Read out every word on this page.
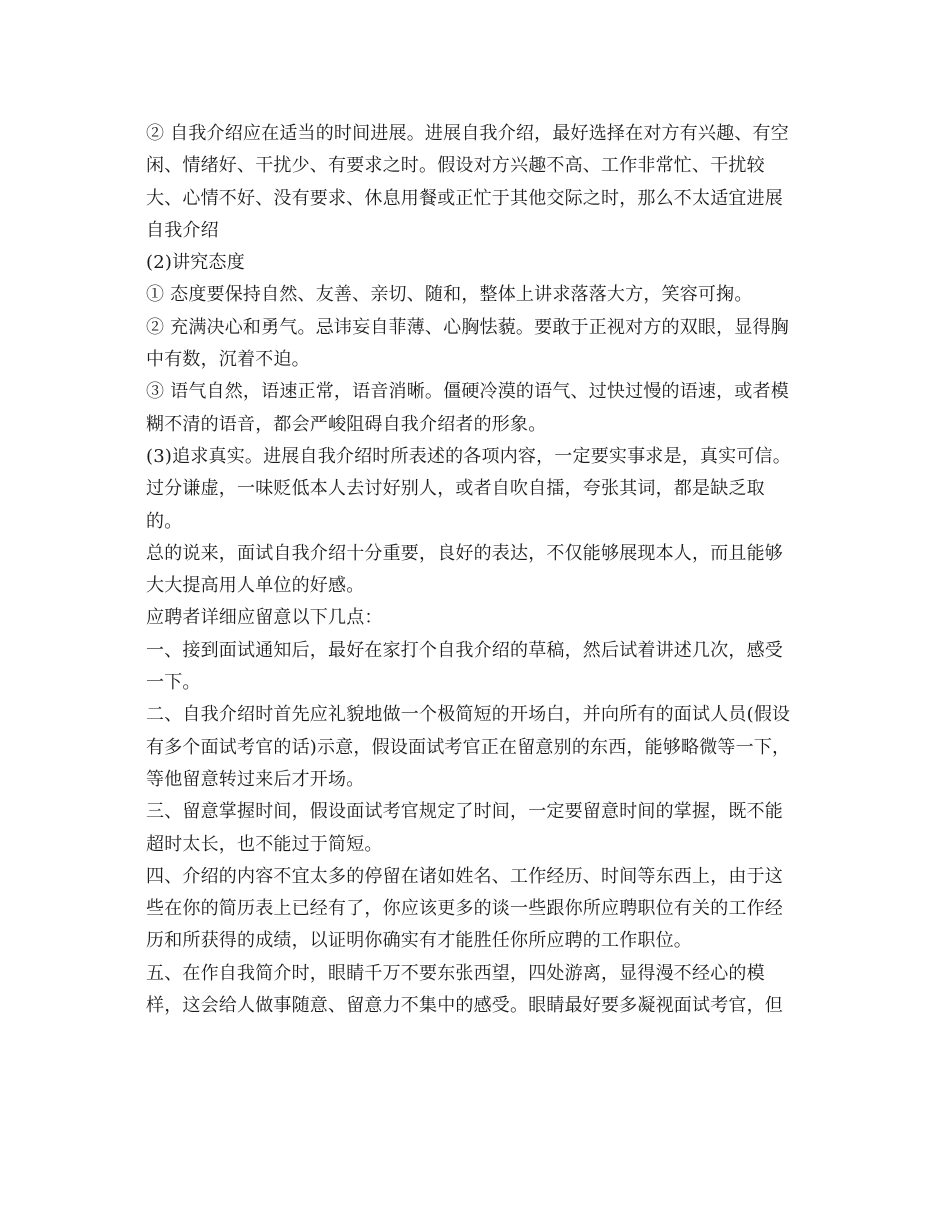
② 自我介绍应在适当的时间进展。进展自我介绍，最好选择在对方有兴趣、有空
闲、情绪好、干扰少、有要求之时。假设对方兴趣不高、工作非常忙、干扰较
大、心情不好、没有要求、休息用餐或正忙于其他交际之时，那么不太适宜进展
自我介绍
(2)讲究态度
① 态度要保持自然、友善、亲切、随和，整体上讲求落落大方，笑容可掬。
② 充满决心和勇气。忌讳妄自菲薄、心胸怯藐。要敢于正视对方的双眼，显得胸
中有数，沉着不迫。
③ 语气自然，语速正常，语音消晰。僵硬冷漠的语气、过快过慢的语速，或者模
糊不清的语音，都会严峻阻碍自我介绍者的形象。
(3)追求真实。进展自我介绍时所表述的各项内容，一定要实事求是，真实可信。
过分谦虚，一味贬低本人去讨好别人，或者自吹自擂，夸张其词，都是缺乏取
的。
总的说来，面试自我介绍十分重要，良好的表达，不仅能够展现本人，而且能够
大大提高用人单位的好感。
应聘者详细应留意以下几点：
一、接到面试通知后，最好在家打个自我介绍的草稿，然后试着讲述几次，感受
一下。
二、自我介绍时首先应礼貌地做一个极简短的开场白，并向所有的面试人员(假设
有多个面试考官的话)示意，假设面试考官正在留意别的东西，能够略微等一下，
等他留意转过来后才开场。
三、留意掌握时间，假设面试考官规定了时间，一定要留意时间的掌握，既不能
超时太长，也不能过于简短。
四、介绍的内容不宜太多的停留在诸如姓名、工作经历、时间等东西上，由于这
些在你的简历表上已经有了，你应该更多的谈一些跟你所应聘职位有关的工作经
历和所获得的成绩，以证明你确实有才能胜任你所应聘的工作职位。
五、在作自我简介时，眼睛千万不要东张西望，四处游离，显得漫不经心的模
样，这会给人做事随意、留意力不集中的感受。眼睛最好要多凝视面试考官，但
